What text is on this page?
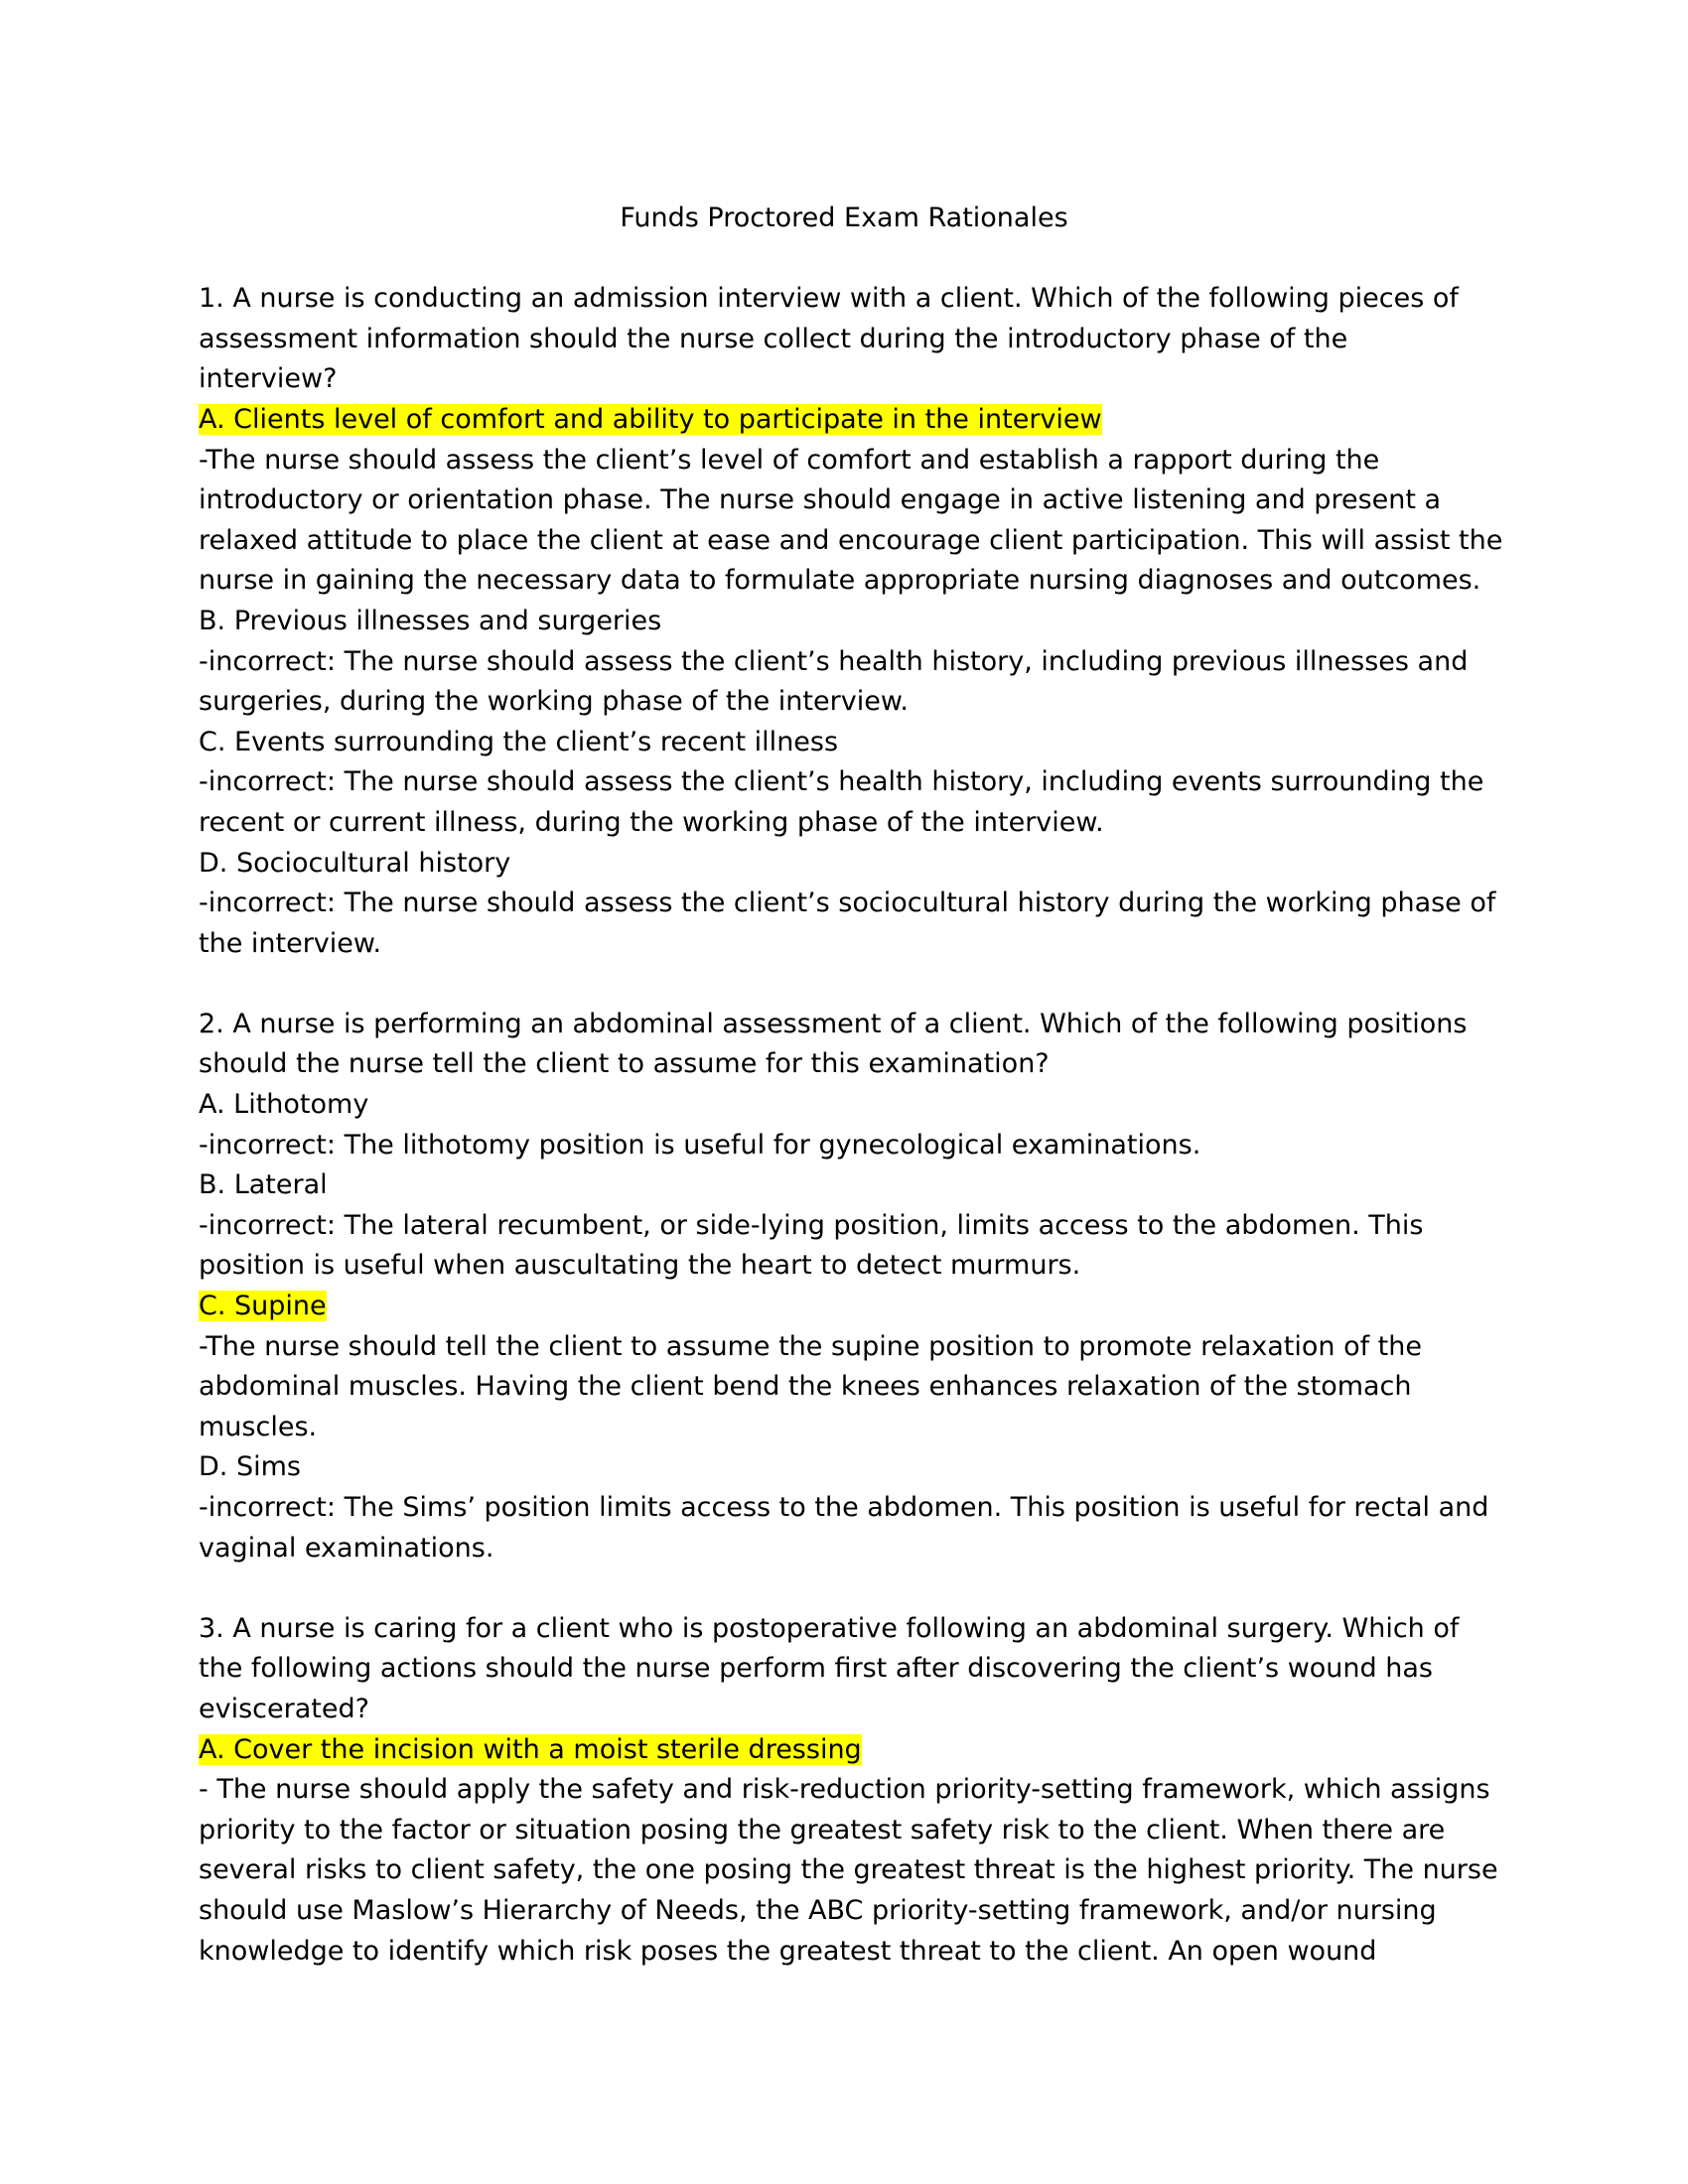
Funds Proctored Exam Rationales

1. A nurse is conducting an admission interview with a client. Which of the following pieces of

assessment information should the nurse collect during the introductory phase of the

interview?

A. Clients level of comfort and ability to participate in the interview

-The nurse should assess the client’s level of comfort and establish a rapport during the

introductory or orientation phase. The nurse should engage in active listening and present a

relaxed attitude to place the client at ease and encourage client participation. This will assist the

nurse in gaining the necessary data to formulate appropriate nursing diagnoses and outcomes.

B. Previous illnesses and surgeries

-incorrect: The nurse should assess the client’s health history, including previous illnesses and

surgeries, during the working phase of the interview.

C. Events surrounding the client’s recent illness

-incorrect: The nurse should assess the client’s health history, including events surrounding the

recent or current illness, during the working phase of the interview.

D. Sociocultural history

-incorrect: The nurse should assess the client’s sociocultural history during the working phase of

the interview.

2. A nurse is performing an abdominal assessment of a client. Which of the following positions

should the nurse tell the client to assume for this examination?

A. Lithotomy

-incorrect: The lithotomy position is useful for gynecological examinations.

B. Lateral

-incorrect: The lateral recumbent, or side-lying position, limits access to the abdomen. This

position is useful when auscultating the heart to detect murmurs.

C. Supine

-The nurse should tell the client to assume the supine position to promote relaxation of the

abdominal muscles. Having the client bend the knees enhances relaxation of the stomach

muscles.

D. Sims

-incorrect: The Sims’ position limits access to the abdomen. This position is useful for rectal and

vaginal examinations.

3. A nurse is caring for a client who is postoperative following an abdominal surgery. Which of

the following actions should the nurse perform first after discovering the client’s wound has

eviscerated?

A. Cover the incision with a moist sterile dressing

- The nurse should apply the safety and risk-reduction priority-setting framework, which assigns

priority to the factor or situation posing the greatest safety risk to the client. When there are

several risks to client safety, the one posing the greatest threat is the highest priority. The nurse

should use Maslow’s Hierarchy of Needs, the ABC priority-setting framework, and/or nursing

knowledge to identify which risk poses the greatest threat to the client. An open wound
